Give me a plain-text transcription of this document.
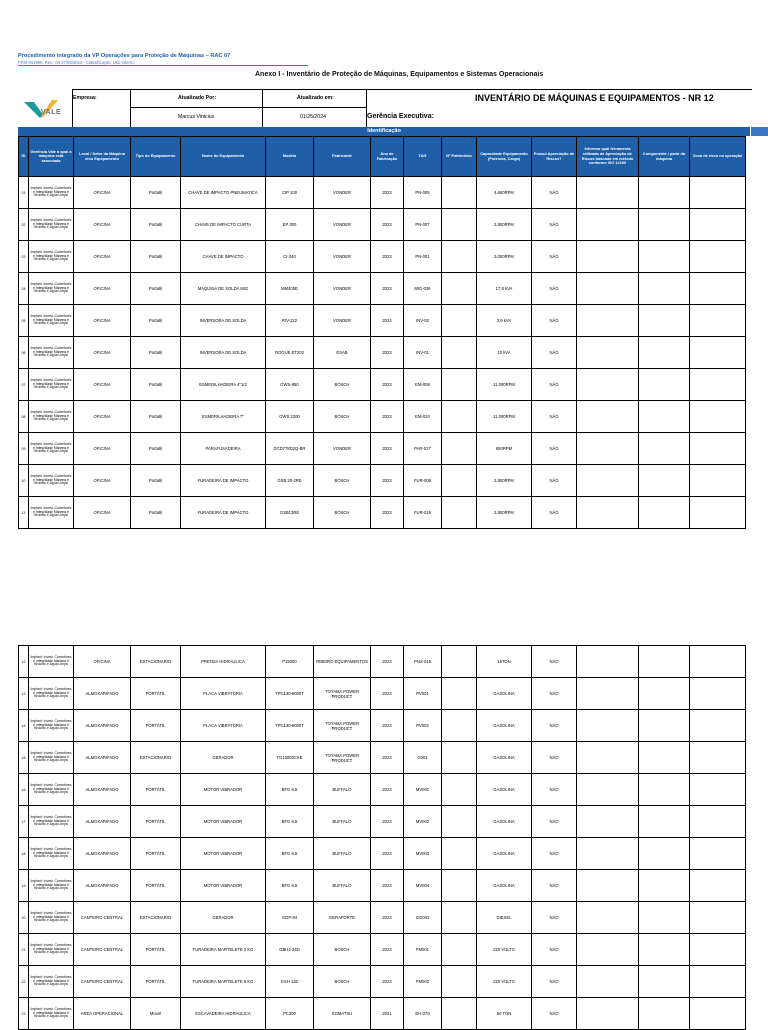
Procedimento Integrado da VP Operações para Proteção de Máquinas – RAC 07
PRO-041966. Rev.: 04 27/05/2024 - Classificação: Uso Interno
Anexo I - Inventário de Proteção de Máquinas, Equipamentos e Sistemas Operacionais
VALE
Empresa:	Atualizado Por:
Marcus Vinicius
Atualizado em:
01/25/2024
INVENTÁRIO DE MÁQUINAS E EQUIPAMENTOS - NR 12
Gerência Executiva:
Identificação
ID	Gerência Vale a qual a máquina está associada	Local / Setor da Máquina e/ou Equipamento	Tipo do Equipamento	Nome do Equipamento	Modelo	Fabricante	Ano de Fabricação	TAG	Nº Patrimônio	Capacidade Equipamento (Potencia, Carga)	Possui Apreciação de Riscos?	Informar qual ferramenta utilizada de Apreciação de Riscos baseado em método conforme ISO 12100	Componente / parte da máquina	Zona de risco na operação
01	Implant. Invest. Corredores e Integridade Mariana e Brucutu e Água Limpa	OFICINA	Portatil	CHAVE DE IMPACTO PNEUMATICA	CIP 100	VONDER	2023	PN-005		4.600RPM	NÃO			
02	Implant. Invest. Corredores e Integridade Mariana e Brucutu e Água Limpa	OFICINA	Portatil	CHAVE DE IMPACTO CURTA	EP 300	VONDER	2023	PN-007		3.800RPM	NÃO			
03	Implant. Invest. Corredores e Integridade Mariana e Brucutu e Água Limpa	OFICINA	Portatil	CHAVE DE IMPACTO	CI-340	VONDER	2023	PN-001		3.000RPM	NÃO			
04	Implant. Invest. Corredores e Integridade Mariana e Brucutu e Água Limpa	OFICINA	Portatil	MAQUINA DE SOLDA MIG	MM405E	VONDER	2023	MIG-036		17,8 kVA	NÃO			
05	Implant. Invest. Corredores e Integridade Mariana e Brucutu e Água Limpa	OFICINA	Portatil	INVERSORA DE SOLDA	RIV-222	VONDER	2024	INV-02		3,9 kVA	NÃO			
06	Implant. Invest. Corredores e Integridade Mariana e Brucutu e Água Limpa	OFICINA	Portatil	INVERSORA DE SOLDA	ROGUE ET202	ESAB	2023	INV-01		10 kVA	NÃO			
07	Implant. Invest. Corredores e Integridade Mariana e Brucutu e Água Limpa	OFICINA	Portatil	ESMERILHADEIRA 4"1/2	GWS-850	BOSCH	2023	EM-008		11.000RPM	NÃO			
08	Implant. Invest. Corredores e Integridade Mariana e Brucutu e Água Limpa	OFICINA	Portatil	ESMERILHADEIRA 7"	GWS 2200	BOSCH	2023	EM-010		11.000RPM	NÃO			
09	Implant. Invest. Corredores e Integridade Mariana e Brucutu e Água Limpa	OFICINA	Portatil	PARAFUSADEIRA	DCD778D2Q-BR	VONDER	2023	PAR-017		650RPM	NÃO			
10	Implant. Invest. Corredores e Integridade Mariana e Brucutu e Água Limpa	OFICINA	Portatil	FURADEIRA DE IMPACTO	GSB 20-2RE	BOSCH	2023	FUR-008		3.800RPM	NÃO			
11	Implant. Invest. Corredores e Integridade Mariana e Brucutu e Água Limpa	OFICINA	Portatil	FURADEIRA DE IMPACTO	GSB13RE	BOSCH	2023	FUR-019		3.800RPM	NÃO			
12	Implant. Invest. Corredores e Integridade Mariana e Brucutu e Água Limpa	OFICINA	ESTACIONARIO	PRENSA HIDRAULICA	P15000	RIBEIRO EQUIPAMENTOS	2023	PNS-015		15TON	NÃO			
13	Implant. Invest. Corredores e Integridade Mariana e Brucutu e Água Limpa	ALMOXARIFADO	PORTATIL	PLACA VIBRATORIA	TPC130-9000T	TOYAMA POWER PRODUCT	2023	PV001		GASOLINA	NÃO			
14	Implant. Invest. Corredores e Integridade Mariana e Brucutu e Água Limpa	ALMOXARIFADO	PORTATIL	PLACA VIBRATORIA	TPC130-9000T	TOYAMA POWER PRODUCT	2023	PV002		GASOLINA	NÃO			
15	Implant. Invest. Corredores e Integridade Mariana e Brucutu e Água Limpa	ALMOXARIFADO	ESTACIONARIO	GERADOR	TG10000CXE	TOYAMA POWER PRODUCT	2023	G001		GASOLINA	NÃO			
16	Implant. Invest. Corredores e Integridade Mariana e Brucutu e Água Limpa	ALMOXARIFADO	PORTATIL	MOTOR VIBRADOR	BFG 6.5	BUFFALO	2023	MV001		GASOLINA	NÃO			
17	Implant. Invest. Corredores e Integridade Mariana e Brucutu e Água Limpa	ALMOXARIFADO	PORTATIL	MOTOR VIBRADOR	BFG 6.5	BUFFALO	2023	MV002		GASOLINA	NÃO			
18	Implant. Invest. Corredores e Integridade Mariana e Brucutu e Água Limpa	ALMOXARIFADO	PORTATIL	MOTOR VIBRADOR	BFG 6.5	BUFFALO	2023	MV003		GASOLINA	NÃO			
19	Implant. Invest. Corredores e Integridade Mariana e Brucutu e Água Limpa	ALMOXARIFADO	PORTATIL	MOTOR VIBRADOR	BFG 6.5	BUFFALO	2023	MV004		GASOLINA	NÃO			
20	Implant. Invest. Corredores e Integridade Mariana e Brucutu e Água Limpa	CANTEIRO CENTRAL	ESTACIONARIO	GERADOR	GGP-84	GERAFORTE	2023	GG001		DIESEL	NÃO			
21	Implant. Invest. Corredores e Integridade Mariana e Brucutu e Água Limpa	CANTEIRO CENTRAL	PORTATIL	FURADEIRA MARTELETE 2 KG	GBH2-24D	BOSCH	2023	FM001		220 VOLTS	NÃO			
22	Implant. Invest. Corredores e Integridade Mariana e Brucutu e Água Limpa	CANTEIRO CENTRAL	PORTATIL	FURADEIRA MARTELETE 5 KG	GSH 11E	BOSCH	2023	FM002		220 VOLTS	NÃO			
23	Implant. Invest. Corredores e Integridade Mariana e Brucutu e Água Limpa	AREA OPERACIONAL	Movel	ESCAVADEIRA HIDRAULICA	PC300	KOMATSU	2021	EH-070		50 TON	NÃO			
